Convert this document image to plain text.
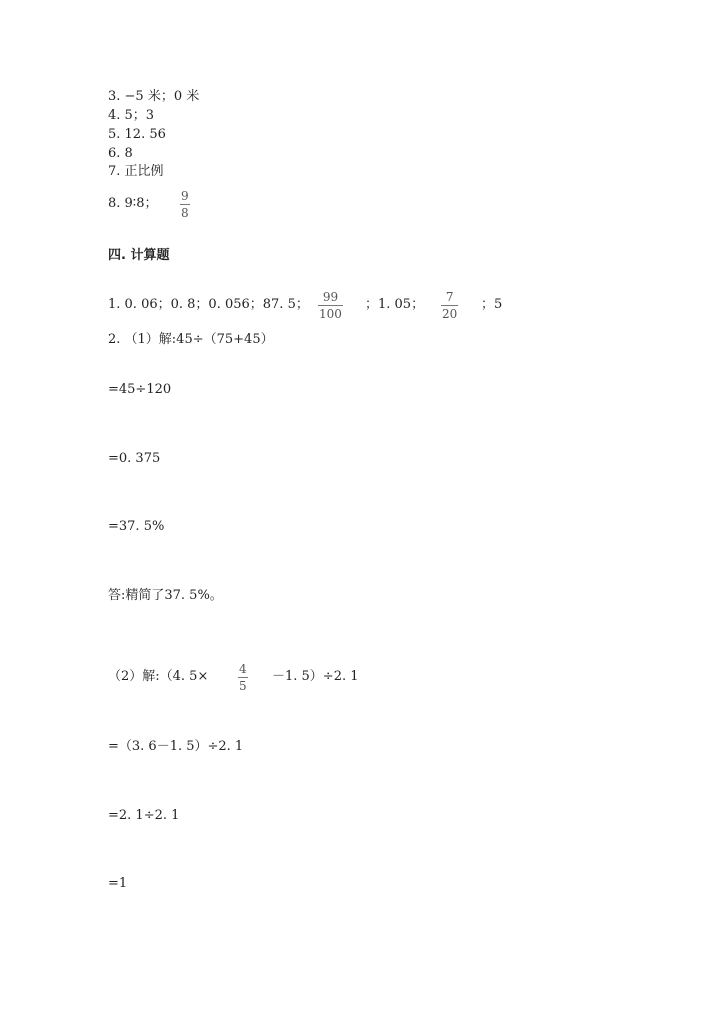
3. −5 米；0 米
4. 5；3
5. 12. 56
6. 8
7. 正比例
8. 9∶8； 9
8
四. 计算题
1. 0. 06；0. 8；0. 056；87. 5； 99
100
；1. 05； 7
20
；5
2. （1）解:45÷（75+45）
=45÷120
=0. 375
=37. 5%
答:精简了37. 5%。
（2）解:（4. 5×	4
5
－1. 5）÷2. 1
=（3. 6－1. 5）÷2. 1
=2. 1÷2. 1
=1
